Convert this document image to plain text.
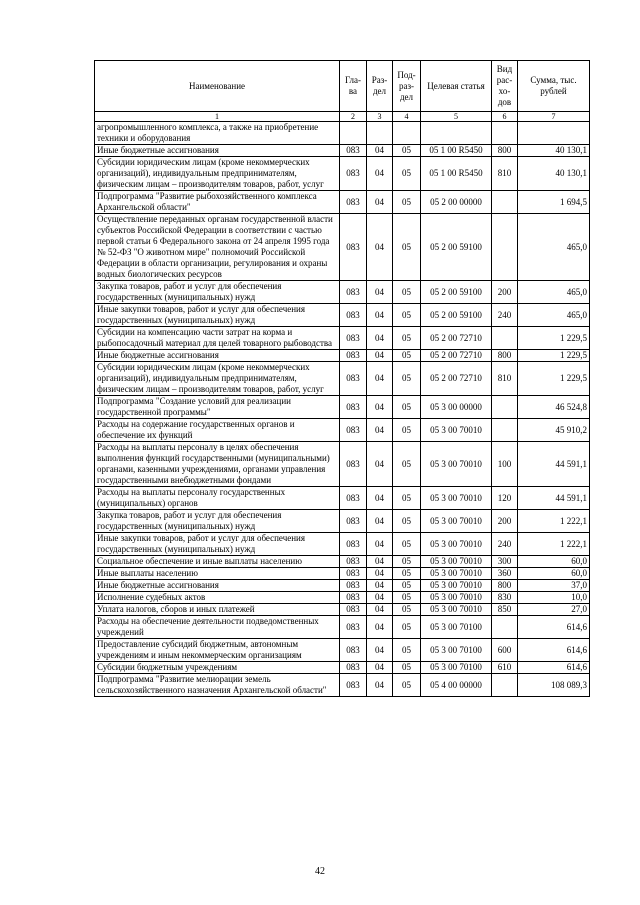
Наименование	Гла-ва	Раз-дел	Под-раз-дел	Целевая статья	Вид рас-хо-дов	Сумма, тыс. рублей
1	2	3	4	5	6	7
агропромышленного комплекса, а также на приобретение техники и оборудования						
Иные бюджетные ассигнования	083	04	05	05 1 00 R5450	800	40 130,1
Субсидии юридическим лицам (кроме некоммерческих организаций), индивидуальным предпринимателям, физическим лицам – производителям товаров, работ, услуг	083	04	05	05 1 00 R5450	810	40 130,1
Подпрограмма "Развитие рыбохозяйственного комплекса Архангельской области"	083	04	05	05 2 00 00000		1 694,5
Осуществление переданных органам государственной власти субъектов Российской Федерации в соответствии с частью первой статьи 6 Федерального закона от 24 апреля 1995 года № 52-ФЗ "О животном мире" полномочий Российской Федерации в области организации, регулирования и охраны водных биологических ресурсов	083	04	05	05 2 00 59100		465,0
Закупка товаров, работ и услуг для обеспечения государственных (муниципальных) нужд	083	04	05	05 2 00 59100	200	465,0
Иные закупки товаров, работ и услуг для обеспечения государственных (муниципальных) нужд	083	04	05	05 2 00 59100	240	465,0
Субсидии на компенсацию части затрат на корма и рыбопосадочный материал для целей товарного рыбоводства	083	04	05	05 2 00 72710		1 229,5
Иные бюджетные ассигнования	083	04	05	05 2 00 72710	800	1 229,5
Субсидии юридическим лицам (кроме некоммерческих организаций), индивидуальным предпринимателям, физическим лицам – производителям товаров, работ, услуг	083	04	05	05 2 00 72710	810	1 229,5
Подпрограмма "Создание условий для реализации государственной программы"	083	04	05	05 3 00 00000		46 524,8
Расходы на содержание государственных органов и обеспечение их функций	083	04	05	05 3 00 70010		45 910,2
Расходы на выплаты персоналу в целях обеспечения выполнения функций государственными (муниципальными) органами, казенными учреждениями, органами управления государственными внебюджетными фондами	083	04	05	05 3 00 70010	100	44 591,1
Расходы на выплаты персоналу государственных (муниципальных) органов	083	04	05	05 3 00 70010	120	44 591,1
Закупка товаров, работ и услуг для обеспечения государственных (муниципальных) нужд	083	04	05	05 3 00 70010	200	1 222,1
Иные закупки товаров, работ и услуг для обеспечения государственных (муниципальных) нужд	083	04	05	05 3 00 70010	240	1 222,1
Социальное обеспечение и иные выплаты населению	083	04	05	05 3 00 70010	300	60,0
Иные выплаты населению	083	04	05	05 3 00 70010	360	60,0
Иные бюджетные ассигнования	083	04	05	05 3 00 70010	800	37,0
Исполнение судебных актов	083	04	05	05 3 00 70010	830	10,0
Уплата налогов, сборов и иных платежей	083	04	05	05 3 00 70010	850	27,0
Расходы на обеспечение деятельности подведомственных учреждений	083	04	05	05 3 00 70100		614,6
Предоставление субсидий бюджетным, автономным учреждениям и иным некоммерческим организациям	083	04	05	05 3 00 70100	600	614,6
Субсидии бюджетным учреждениям	083	04	05	05 3 00 70100	610	614,6
Подпрограмма "Развитие мелиорации земель сельскохозяйственного назначения Архангельской области"	083	04	05	05 4 00 00000		108 089,3
42
